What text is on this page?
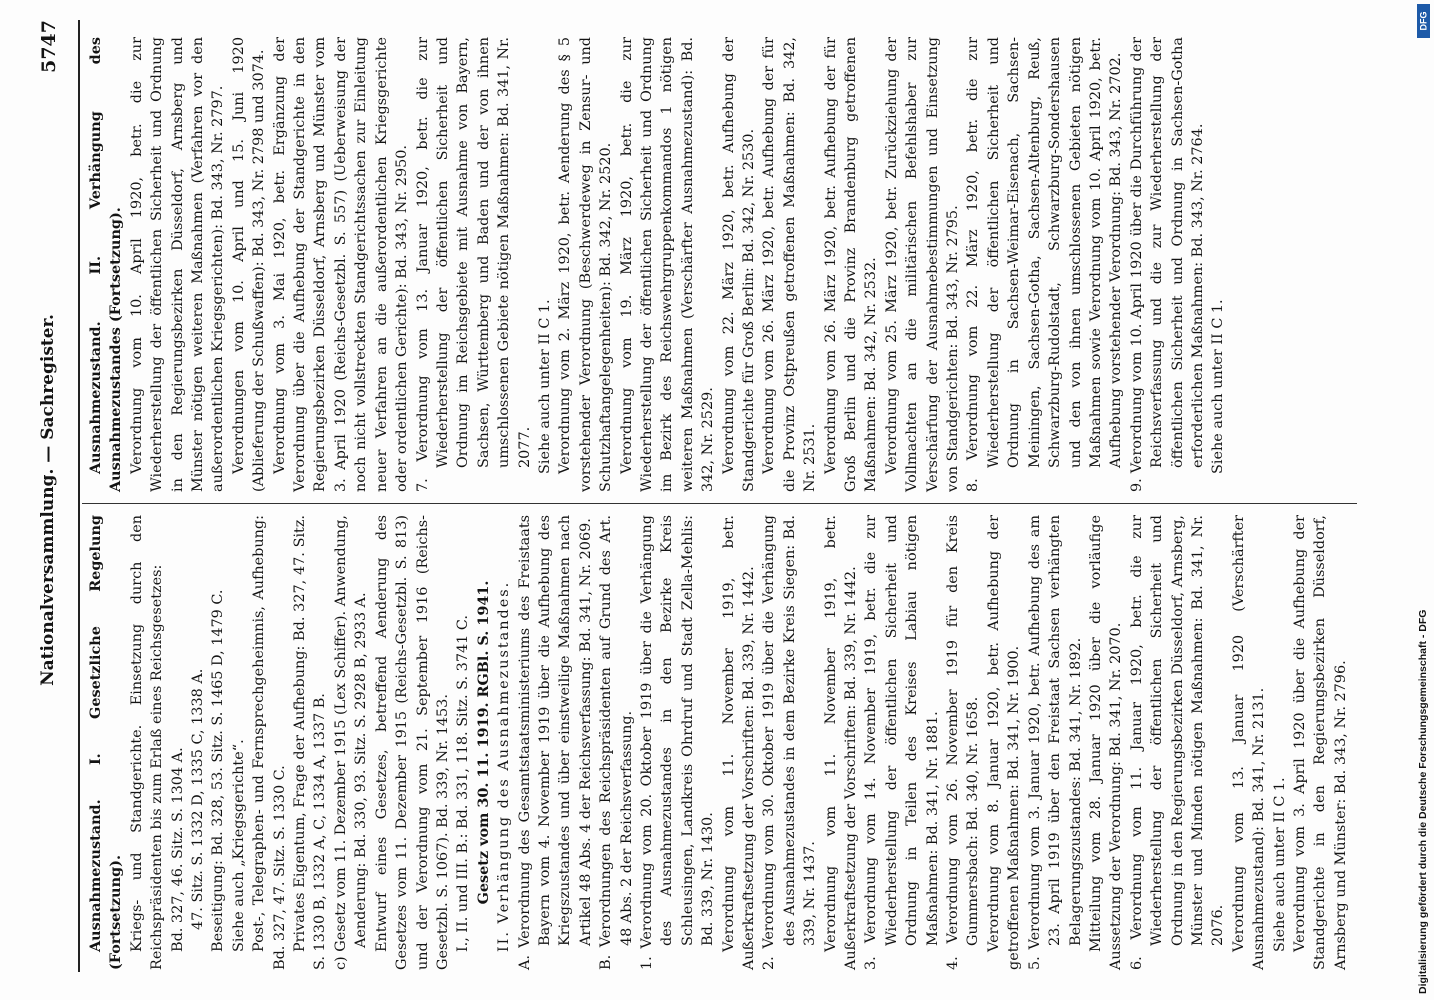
Nationalversammlung. — Sachregister.
5747

Ausnahmezustand. I. Gesetzliche Regelung (Fortsetzung). Kriegs- und Standgerichte. Einsetzung durch den Reichspräsidenten bis zum Erlaß eines Reichsgesetzes: Bd. 327, 46. Sitz. S. 1304 A. 47. Sitz. S. 1332 D, 1335 C, 1338 A. Beseitigung: Bd. 328, 53. Sitz. S. 1465 D, 1479 C. Siehe auch „Kriegsgerichte“. Post-, Telegraphen- und Fernsprechgeheimnis, Aufhebung: Bd. 327, 47. Sitz. S. 1330 C. Privates Eigentum, Frage der Aufhebung: Bd. 327, 47. Sitz. S. 1330 B, 1332 A, C, 1334 A, 1337 B. c) Gesetz vom 11. Dezember 1915 (Lex Schiffer). Anwendung, Aenderung: Bd. 330, 93. Sitz. S. 2928 B, 2933 A. Entwurf eines Gesetzes, betreffend Aenderung des Gesetzes vom 11. Dezember 1915 (Reichs-Gesetzbl. S. 813) und der Verordnung vom 21. September 1916 (Reichs-Gesetzbl. S. 1067). Bd. 339, Nr. 1453. I., II. und III. B.: Bd. 331, 118. Sitz. S. 3741 C. Gesetz vom 30. 11. 1919. RGBl. S. 1941. II. Verhängung des Ausnahmezustandes. A. Verordnung des Gesamtstaatsministeriums des Freistaats Bayern vom 4. November 1919 über die Aufhebung des Kriegszustandes und über einstweilige Maßnahmen nach Artikel 48 Abs. 4 der Reichsverfassung: Bd. 341, Nr. 2069. B. Verordnungen des Reichspräsidenten auf Grund des Art. 48 Abs. 2 der Reichsverfassung. 1. Verordnung vom 20. Oktober 1919 über die Verhängung des Ausnahmezustandes in den Bezirke Kreis Schleusingen, Landkreis Ohrdruf und Stadt Zella-Mehlis: Bd. 339, Nr. 1430. Verordnung vom 11. November 1919, betr. Außerkraftsetzung der Vorschriften: Bd. 339, Nr. 1442. 2. Verordnung vom 30. Oktober 1919 über die Verhängung des Ausnahmezustandes in dem Bezirke Kreis Siegen: Bd. 339, Nr. 1437. Verordnung vom 11. November 1919, betr. Außerkraftsetzung der Vorschriften: Bd. 339, Nr. 1442. 3. Verordnung vom 14. November 1919, betr. die zur Wiederherstellung der öffentlichen Sicherheit und Ordnung in Teilen des Kreises Labiau nötigen Maßnahmen: Bd. 341, Nr. 1881. 4. Verordnung vom 26. November 1919 für den Kreis Gummersbach: Bd. 340, Nr. 1658. Verordnung vom 8. Januar 1920, betr. Aufhebung der getroffenen Maßnahmen: Bd. 341, Nr. 1900. 5. Verordnung vom 3. Januar 1920, betr. Aufhebung des am 23. April 1919 über den Freistaat Sachsen verhängten Belagerungszustandes: Bd. 341, Nr. 1892. Mitteilung vom 28. Januar 1920 über die vorläufige Aussetzung der Verordnung: Bd. 341, Nr. 2070. 6. Verordnung vom 11. Januar 1920, betr. die zur Wiederherstellung der öffentlichen Sicherheit und Ordnung in den Regierungsbezirken Düsseldorf, Arnsberg, Münster und Minden nötigen Maßnahmen: Bd. 341, Nr. 2076. Verordnung vom 13. Januar 1920 (Verschärfter Ausnahmezustand): Bd. 341, Nr. 2131. Siehe auch unter II C 1. Verordnung vom 3. April 1920 über die Aufhebung der Standgerichte in den Regierungsbezirken Düsseldorf, Arnsberg und Münster: Bd. 343, Nr. 2796.

Ausnahmezustand. II. Verhängung des Ausnahmezustandes (Fortsetzung). Verordnung vom 10. April 1920, betr. die zur Wiederherstellung der öffentlichen Sicherheit und Ordnung in den Regierungsbezirken Düsseldorf, Arnsberg und Münster nötigen weiteren Maßnahmen (Verfahren vor den außerordentlichen Kriegsgerichten): Bd. 343, Nr. 2797. Verordnungen vom 10. April und 15. Juni 1920 (Ablieferung der Schußwaffen): Bd. 343, Nr. 2798 und 3074. Verordnung vom 3. Mai 1920, betr. Ergänzung der Verordnung über die Aufhebung der Standgerichte in den Regierungsbezirken Düsseldorf, Arnsberg und Münster vom 3. April 1920 (Reichs-Gesetzbl. S. 557) (Ueberweisung der noch nicht vollstreckten Standgerichtssachen zur Einleitung neuer Verfahren an die außerordentlichen Kriegsgerichte oder ordentlichen Gerichte): Bd. 343, Nr. 2950. 7. Verordnung vom 13. Januar 1920, betr. die zur Wiederherstellung der öffentlichen Sicherheit und Ordnung im Reichsgebiete mit Ausnahme von Bayern, Sachsen, Württemberg und Baden und der von ihnen umschlossenen Gebiete nötigen Maßnahmen: Bd. 341, Nr. 2077. Siehe auch unter II C 1. Verordnung vom 2. März 1920, betr. Aenderung des § 5 vorstehender Verordnung (Beschwerdeweg in Zensur- und Schutzhaftangelegenheiten): Bd. 342, Nr. 2520. Verordnung vom 19. März 1920, betr. die zur Wiederherstellung der öffentlichen Sicherheit und Ordnung im Bezirk des Reichswehrgruppenkommandos 1 nötigen weiteren Maßnahmen (Verschärfter Ausnahmezustand): Bd. 342, Nr. 2529. Verordnung vom 22. März 1920, betr. Aufhebung der Standgerichte für Groß Berlin: Bd. 342, Nr. 2530. Verordnung vom 26. März 1920, betr. Aufhebung der für die Provinz Ostpreußen getroffenen Maßnahmen: Bd. 342, Nr. 2531. Verordnung vom 26. März 1920, betr. Aufhebung der für Groß Berlin und die Provinz Brandenburg getroffenen Maßnahmen: Bd. 342, Nr. 2532. Verordnung vom 25. März 1920, betr. Zurückziehung der Vollmachten an die militärischen Befehlshaber zur Verschärfung der Ausnahmebestimmungen und Einsetzung von Standgerichten: Bd. 343, Nr. 2795. 8. Verordnung vom 22. März 1920, betr. die zur Wiederherstellung der öffentlichen Sicherheit und Ordnung in Sachsen-Weimar-Eisenach, Sachsen-Meiningen, Sachsen-Gotha, Sachsen-Altenburg, Reuß, Schwarzburg-Rudolstadt, Schwarzburg-Sondershausen und den von ihnen umschlossenen Gebieten nötigen Maßnahmen sowie Verordnung vom 10. April 1920, betr. Aufhebung vorstehender Verordnung: Bd. 343, Nr. 2702. 9. Verordnung vom 10. April 1920 über die Durchführung der Reichsverfassung und die zur Wiederherstellung der öffentlichen Sicherheit und Ordnung in Sachsen-Gotha erforderlichen Maßnahmen: Bd. 343, Nr. 2764. Siehe auch unter II C 1.

DFG
Digitalisierung gefördert durch die Deutsche Forschungsgemeinschaft - DFG
